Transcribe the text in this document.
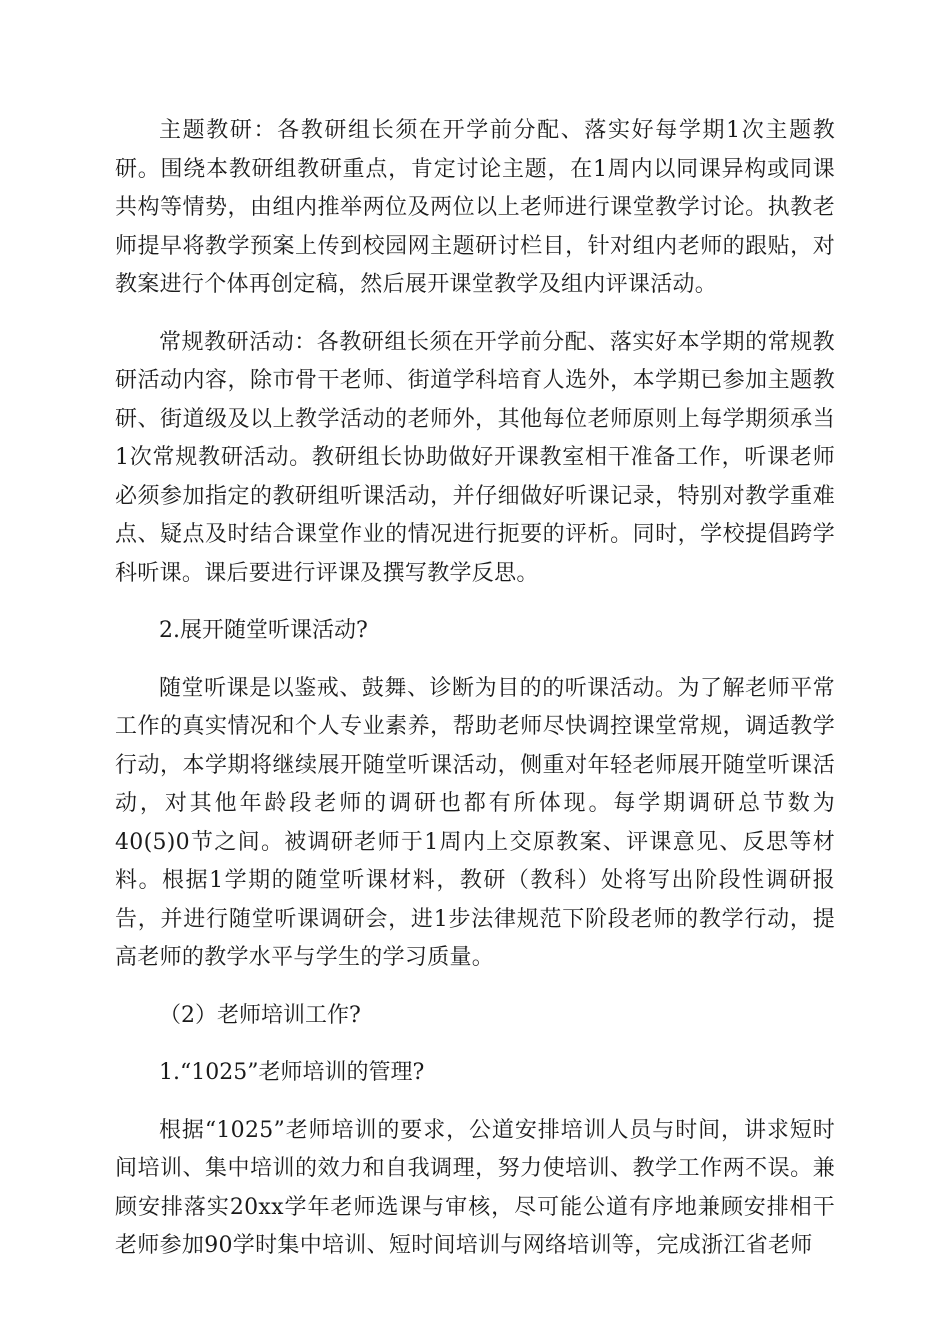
主题教研：各教研组长须在开学前分配、落实好每学期1次主题教研。围绕本教研组教研重点，肯定讨论主题，在1周内以同课异构或同课共构等情势，由组内推举两位及两位以上老师进行课堂教学讨论。执教老师提早将教学预案上传到校园网主题研讨栏目，针对组内老师的跟贴，对教案进行个体再创定稿，然后展开课堂教学及组内评课活动。

常规教研活动：各教研组长须在开学前分配、落实好本学期的常规教研活动内容，除市骨干老师、街道学科培育人选外，本学期已参加主题教研、街道级及以上教学活动的老师外，其他每位老师原则上每学期须承当1次常规教研活动。教研组长协助做好开课教室相干准备工作，听课老师必须参加指定的教研组听课活动，并仔细做好听课记录，特别对教学重难点、疑点及时结合课堂作业的情况进行扼要的评析。同时，学校提倡跨学科听课。课后要进行评课及撰写教学反思。

2.展开随堂听课活动?

随堂听课是以鉴戒、鼓舞、诊断为目的的听课活动。为了解老师平常工作的真实情况和个人专业素养，帮助老师尽快调控课堂常规，调适教学行动，本学期将继续展开随堂听课活动，侧重对年轻老师展开随堂听课活动，对其他年龄段老师的调研也都有所体现。每学期调研总节数为40(5)0节之间。被调研老师于1周内上交原教案、评课意见、反思等材料。根据1学期的随堂听课材料，教研（教科）处将写出阶段性调研报告，并进行随堂听课调研会，进1步法律规范下阶段老师的教学行动，提高老师的教学水平与学生的学习质量。

（2）老师培训工作?

1.“1025”老师培训的管理?

根据“1025”老师培训的要求，公道安排培训人员与时间，讲求短时间培训、集中培训的效力和自我调理，努力使培训、教学工作两不误。兼顾安排落实20xx学年老师选课与审核，尽可能公道有序地兼顾安排相干老师参加90学时集中培训、短时间培训与网络培训等，完成浙江省老师
